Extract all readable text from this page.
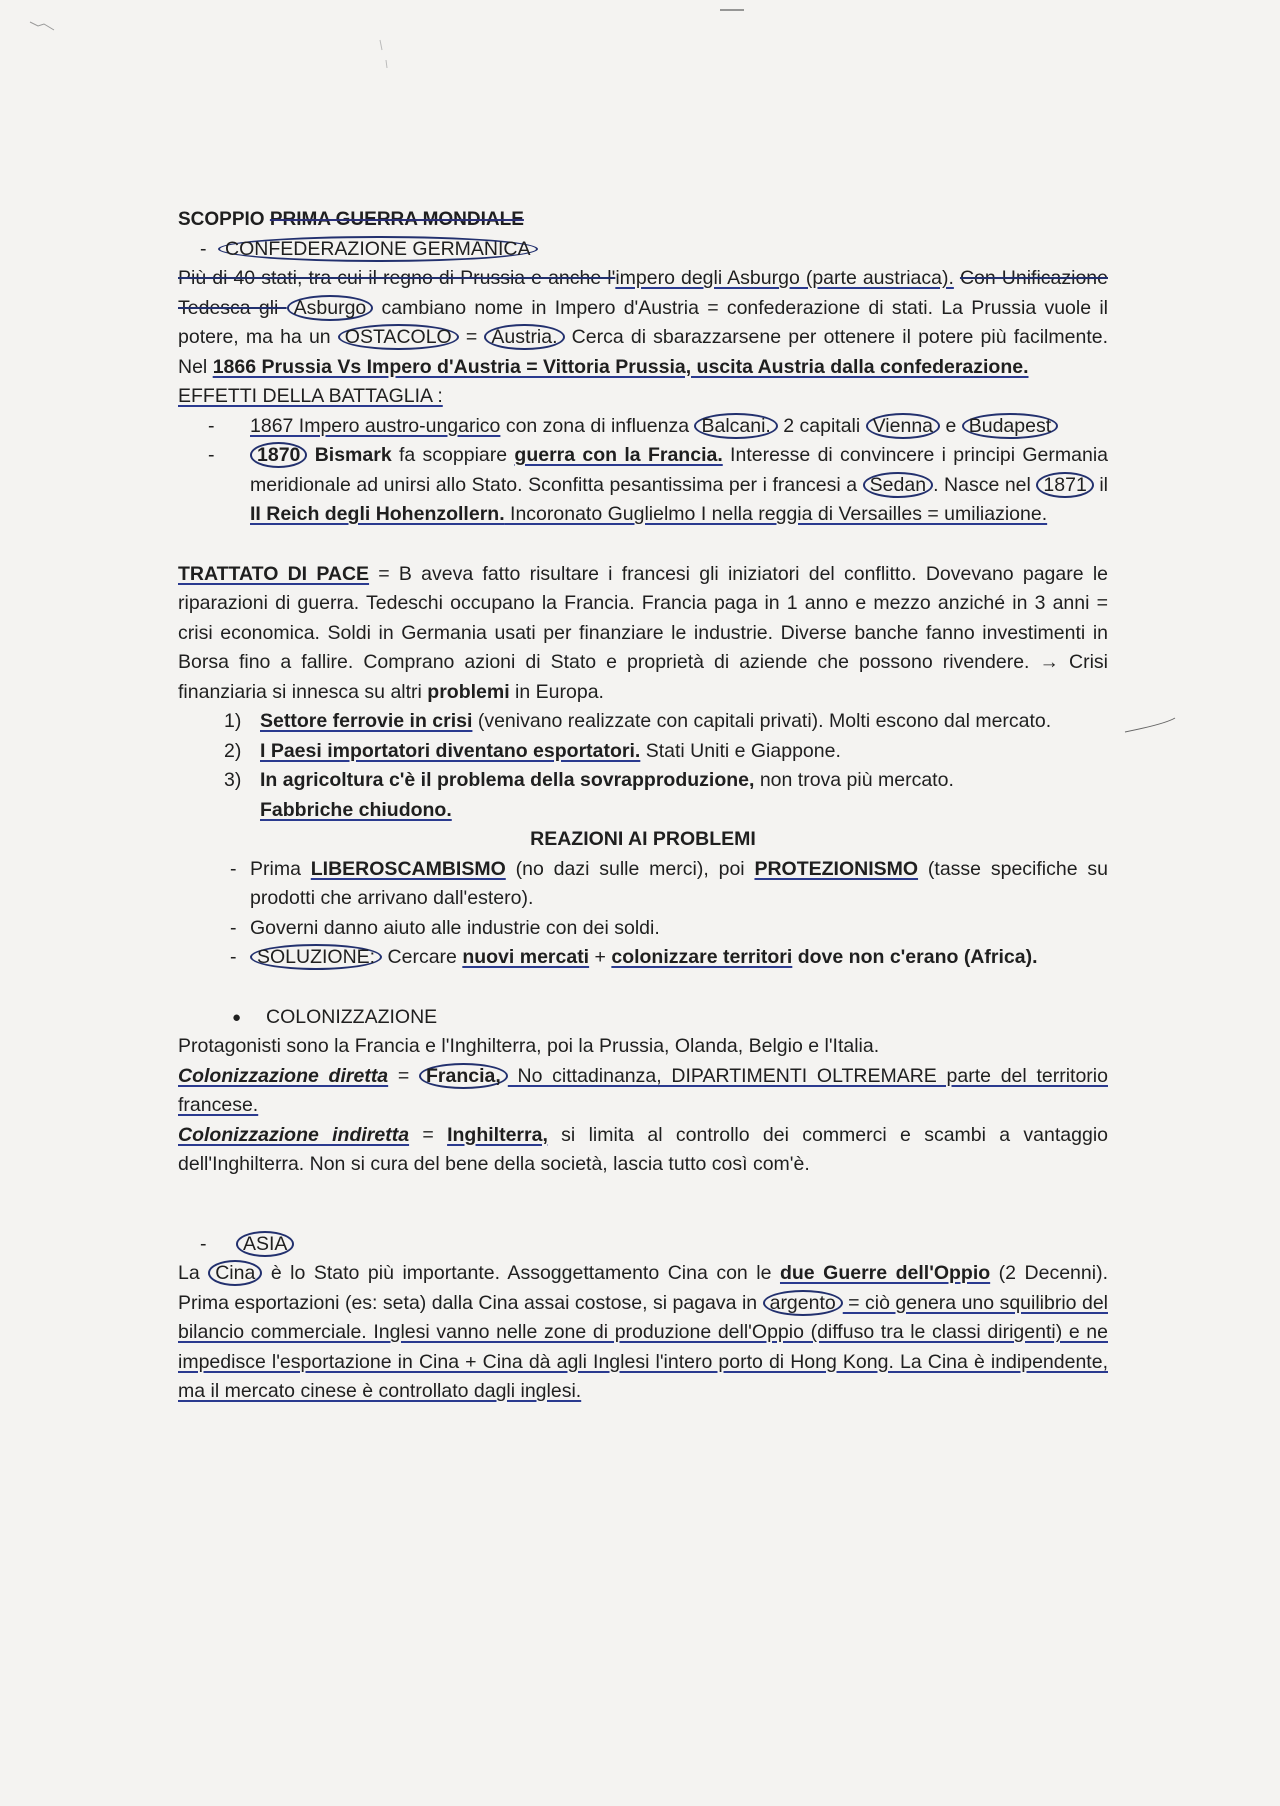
SCOPPIO PRIMA GUERRA MONDIALE

- CONFEDERAZIONE GERMANICA

Più di 40 stati, tra cui il regno di Prussia e anche l'impero degli Asburgo (parte austriaca). Con Unificazione Tedesca gli Asburgo cambiano nome in Impero d'Austria = confederazione di stati. La Prussia vuole il potere, ma ha un OSTACOLO = Austria. Cerca di sbarazzarsene per ottenere il potere più facilmente. Nel 1866 Prussia Vs Impero d'Austria = Vittoria Prussia, uscita Austria dalla confederazione.

EFFETTI DELLA BATTAGLIA :

- 1867 Impero austro-ungarico con zona di influenza Balcani. 2 capitali Vienna e Budapest

- 1870 Bismark fa scoppiare guerra con la Francia. Interesse di convincere i principi Germania meridionale ad unirsi allo Stato. Sconfitta pesantissima per i francesi a Sedan . Nasce nel 1871 il II Reich degli Hohenzollern. Incoronato Guglielmo I nella reggia di Versailles = umiliazione.

TRATTATO DI PACE = B aveva fatto risultare i francesi gli iniziatori del conflitto. Dovevano pagare le riparazioni di guerra. Tedeschi occupano la Francia. Francia paga in 1 anno e mezzo anziché in 3 anni = crisi economica. Soldi in Germania usati per finanziare le industrie. Diverse banche fanno investimenti in Borsa fino a fallire. Comprano azioni di Stato e proprietà di aziende che possono rivendere. → Crisi finanziaria si innesca su altri problemi in Europa.

1) Settore ferrovie in crisi (venivano realizzate con capitali privati). Molti escono dal mercato.

2) I Paesi importatori diventano esportatori. Stati Uniti e Giappone.

3) In agricoltura c'è il problema della sovrapproduzione, non trova più mercato.
Fabbriche chiudono.

REAZIONI AI PROBLEMI

- Prima LIBEROSCAMBISMO (no dazi sulle merci), poi PROTEZIONISMO (tasse specifiche su prodotti che arrivano dall'estero).

- Governi danno aiuto alle industrie con dei soldi.

- SOLUZIONE: Cercare nuovi mercati + colonizzare territori dove non c'erano (Africa).

● COLONIZZAZIONE

Protagonisti sono la Francia e l'Inghilterra, poi la Prussia, Olanda, Belgio e l'Italia.

Colonizzazione diretta = Francia, No cittadinanza, DIPARTIMENTI OLTREMARE parte del territorio francese.

Colonizzazione indiretta = Inghilterra, si limita al controllo dei commerci e scambi a vantaggio dell'Inghilterra. Non si cura del bene della società, lascia tutto così com'è.

- ASIA

La Cina è lo Stato più importante. Assoggettamento Cina con le due Guerre dell'Oppio (2 Decenni). Prima esportazioni (es: seta) dalla Cina assai costose, si pagava in argento = ciò genera uno squilibrio del bilancio commerciale. Inglesi vanno nelle zone di produzione dell'Oppio (diffuso tra le classi dirigenti) e ne impedisce l'esportazione in Cina + Cina dà agli Inglesi l'intero porto di Hong Kong. La Cina è indipendente, ma il mercato cinese è controllato dagli inglesi.
